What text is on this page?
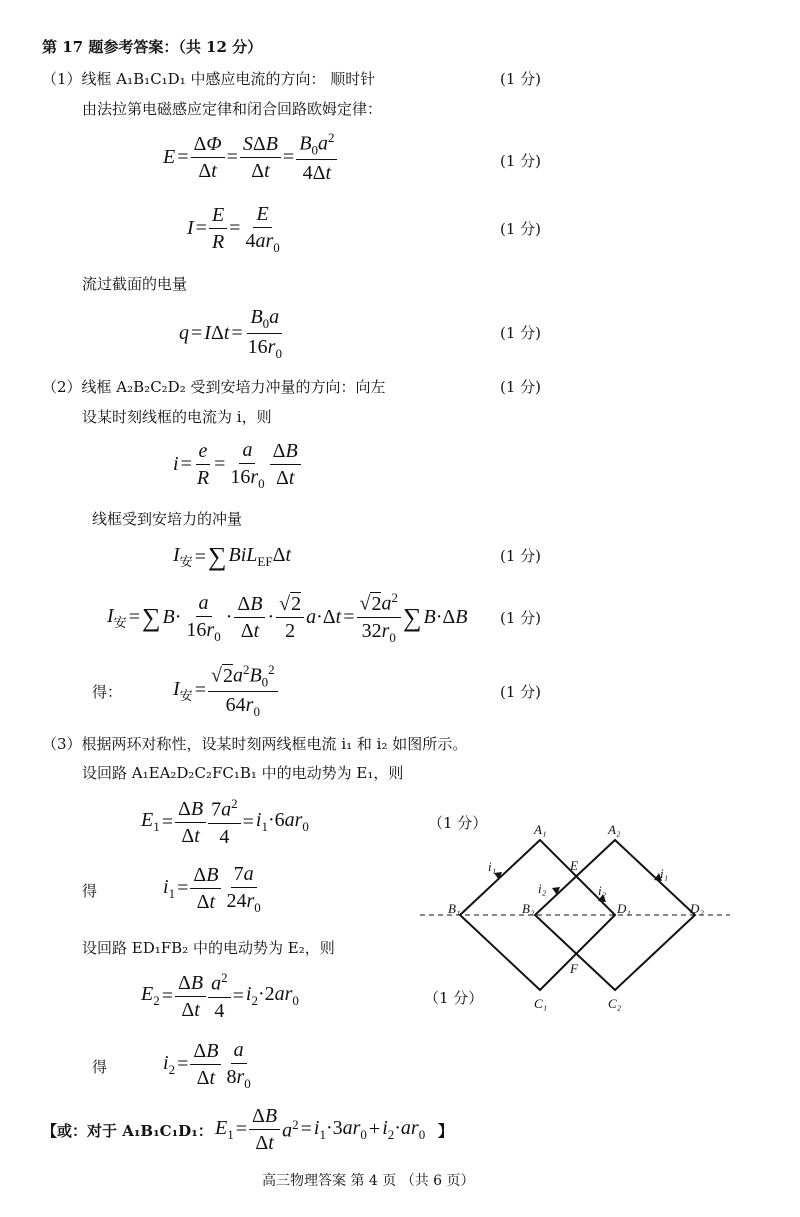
第 17 题参考答案：（共 12 分）
（1）线框 A₁B₁C₁D₁ 中感应电流的方向： 顺时针	(1 分)
由法拉第电磁感应定律和闭合回路欧姆定律：
$E = \frac{\Delta\Phi}{\Delta t} = \frac{\text{SΔB}}{\Delta t} = \frac{B_0a^2}{4\Delta t}$	(1 分)
$I = \frac{E}{R} = \frac{E}{4ar_0}$	(1 分)
流过截面的电量
$q = I\Delta t = \frac{B_0a}{16r_0}$	(1 分)
（2）线框 A₂B₂C₂D₂ 受到安培力冲量的方向：向左	(1 分)
设某时刻线框的电流为 i，则
$i = \frac{e}{R} = \frac{a}{16r_0} \frac{\Delta B}{\Delta t}$
线框受到安培力的冲量
$I_安$ = ∑ BiL$_{EF}$Δt	(1 分)
$I_安$ = ∑ $B\cdot \frac{a}{16r_0} \cdot \frac{\Delta B}{\Delta t} \cdot \frac{√2}{2} a\cdot\Delta t = \frac{√2a^2}{32r_0}$ ∑ B·ΔB (1 分)
得：	$I_安 = \frac{√2a^2B_0^2}{64r_0}$	(1 分)
（3）根据两环对称性，设某时刻两线框电流 i₁ 和 i₂ 如图所示。
设回路 A₁EA₂D₂C₂FC₁B₁ 中的电动势为 E₁，则
$E_1 = \frac{\Delta B}{\Delta t} \frac{7a^2}{4} = i_1\cdot 6ar_0$	（1 分）
得	$i_1 = \frac{\Delta B}{\Delta t} \frac{7a}{24r_0}$
设回路 ED₁FB₂ 中的电动势为 E₂，则
$E_2 = \frac{\Delta B}{\Delta t} \frac{a^2}{4} = i_2\cdot 2ar_0$	（1 分）
得	$i_2 = \frac{\Delta B}{\Delta t} \frac{a}{8r_0}$
【或：对于 A₁B₁C₁D₁： $E_1 = \frac{\Delta B}{\Delta t} a^2 = i_1\cdot 3ar_0 + i_2\cdot ar_0$ 】
A₁	A₂
B₁	B₂	D₁	D₂
C₁	C₂
E
F
i₁	i₁
i₂	i₂
高三物理答案 第 4 页 （共 6 页）
